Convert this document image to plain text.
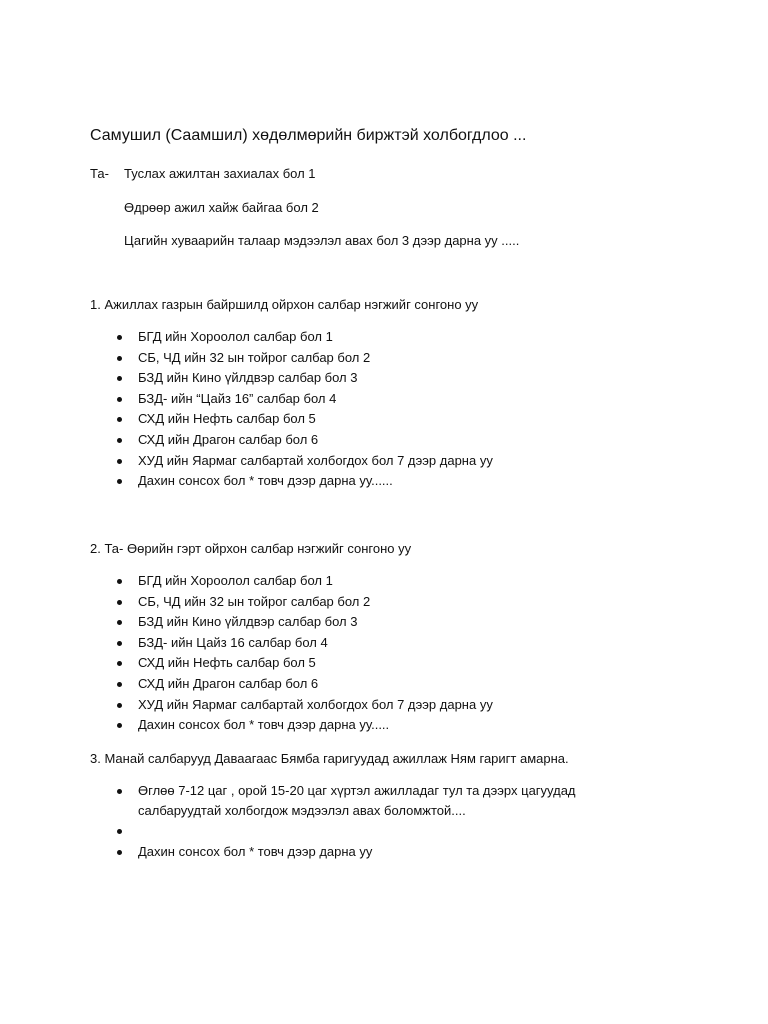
Самушил (Саамшил) хөдөлмөрийн биржтэй холбогдлоо ...
Та- Туслах ажилтан захиалах бол 1
Өдрөөр ажил хайж байгаа бол 2
Цагийн хуваарийн талаар мэдээлэл авах бол 3 дээр дарна уу .....
1. Ажиллах газрын байршилд ойрхон салбар нэгжийг сонгоно уу
БГД ийн Хороолол салбар бол 1
СБ, ЧД ийн 32 ын тойрог салбар бол 2
БЗД ийн Кино үйлдвэр салбар бол 3
БЗД- ийн “Цайз 16” салбар бол 4
СХД ийн Нефть салбар бол 5
СХД ийн Драгон салбар бол 6
ХУД ийн Яармаг салбартай холбогдох бол 7 дээр дарна уу
Дахин сонсох бол * товч дээр дарна уу......
2. Та- Өөрийн гэрт ойрхон салбар нэгжийг сонгоно уу
БГД ийн Хороолол салбар бол 1
СБ, ЧД ийн 32 ын тойрог салбар бол 2
БЗД ийн Кино үйлдвэр салбар бол 3
БЗД- ийн Цайз 16 салбар бол 4
СХД ийн Нефть салбар бол 5
СХД ийн Драгон салбар бол 6
ХУД ийн Яармаг салбартай холбогдох бол 7 дээр дарна уу
Дахин сонсох бол * товч дээр дарна уу.....
3. Манай салбарууд Даваагаас Бямба гаригуудад ажиллаж Ням гаригт амарна.
Өглөө 7-12 цаг , орой 15-20 цаг хүртэл ажилладаг тул та дээрх цагуудад салбаруудтай холбогдож мэдээлэл авах боломжтой....
Дахин сонсох бол * товч дээр дарна уу
